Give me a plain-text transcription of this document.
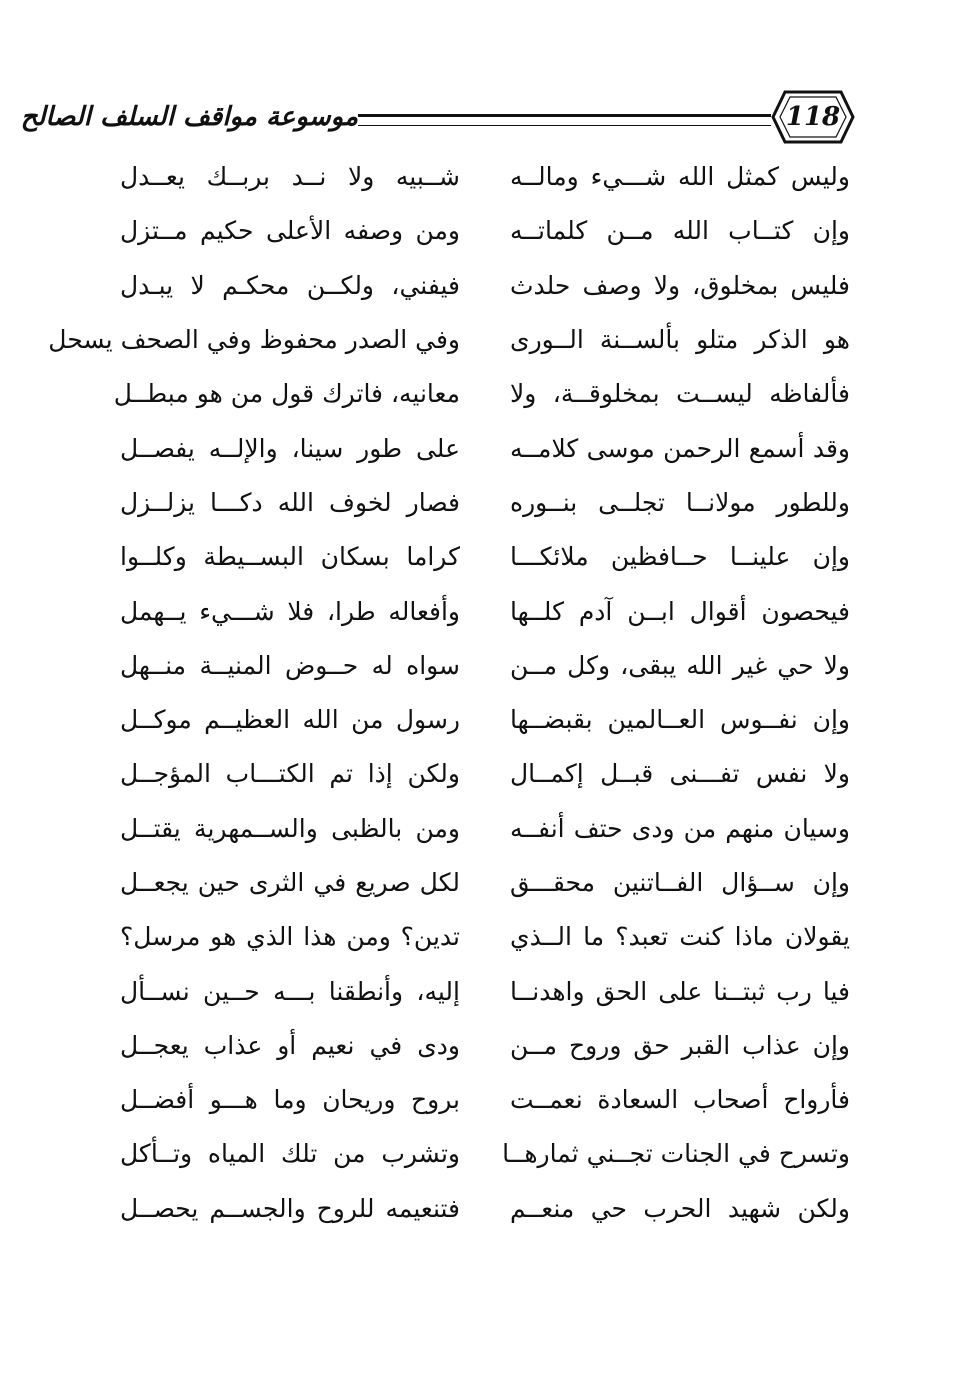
موسوعة مواقف السلف الصالح	118
وليس كمثل الله شـــيء ومالــه
شــبيه ولا نــد بربــك يعــدل
وإن كتــاب الله مــن كلماتــه
ومن وصفه الأعلى حكيم مــتزل
فليس بمخلوق، ولا وصف حلدث
فيفني، ولكــن محكـم لا يبـدل
هو الذكر متلو بألســنة الــورى
وفي الصدر محفوظ وفي الصحف يسحل
فألفاظه ليســت بمخلوقــة، ولا
معانيه، فاترك قول من هو مبطــل
وقد أسمع الرحمن موسى كلامــه
على طور سينا، والإلــه يفصــل
وللطور مولانــا تجلــى بنــوره
فصار لخوف الله دكـــا يزلــزل
وإن علينــا حــافظين ملائكـــا
كراما بسكان البســيطة وكلــوا
فيحصون أقوال ابــن آدم كلــها
وأفعاله طرا، فلا شـــيء يــهمل
ولا حي غير الله يبقى، وكل مــن
سواه له حــوض المنيــة منــهل
وإن نفــوس العــالمين بقبضــها
رسول من الله العظيــم موكــل
ولا نفس تفـــنى قبــل إكمــال
ولكن إذا تم الكتـــاب المؤجــل
وسيان منهم من ودى حتف أنفــه
ومن بالظبى والســمهرية يقتــل
وإن ســؤال الفــاتنين محقـــق
لكل صريع في الثرى حين يجعــل
يقولان ماذا كنت تعبد؟ ما الــذي
تدين؟ ومن هذا الذي هو مرسل؟
فيا رب ثبتــنا على الحق واهدنــا
إليه، وأنطقنا بـــه حــين نســأل
وإن عذاب القبر حق وروح مــن
ودى في نعيم أو عذاب يعجــل
فأرواح أصحاب السعادة نعمــت
بروح وريحان وما هـــو أفضــل
وتسرح في الجنات تجــني ثمارهــا
وتشرب من تلك المياه وتــأكل
ولكن شهيد الحرب حي منعــم
فتنعيمه للروح والجســم يحصــل
